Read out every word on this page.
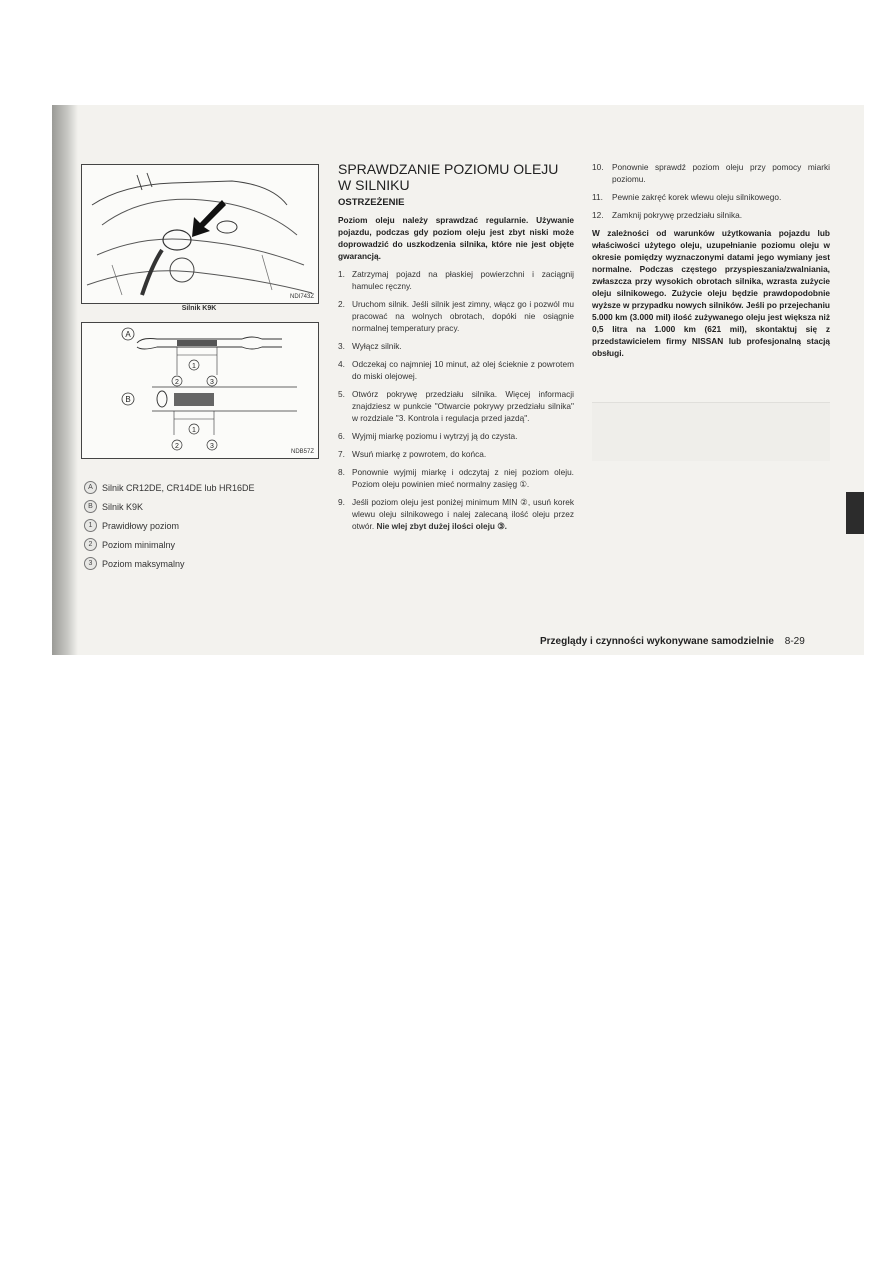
NDI743Z
Silnik K9K
A
1
2	3
B
1
2	3
NDB57Z
A	Silnik CR12DE, CR14DE lub HR16DE
B	Silnik K9K
1	Prawidłowy poziom
2	Poziom minimalny
3	Poziom maksymalny
SPRAWDZANIE POZIOMU OLEJU W SILNIKU
OSTRZEŻENIE

Poziom oleju należy sprawdzać regularnie. Używanie pojazdu, podczas gdy poziom oleju jest zbyt niski może doprowadzić do uszkodzenia silnika, które nie jest objęte gwarancją.

1. Zatrzymaj pojazd na płaskiej powierzchni i zaciągnij hamulec ręczny.
2. Uruchom silnik. Jeśli silnik jest zimny, włącz go i pozwól mu pracować na wolnych obrotach, dopóki nie osiągnie normalnej temperatury pracy.
3. Wyłącz silnik.
4. Odczekaj co najmniej 10 minut, aż olej ścieknie z powrotem do miski olejowej.
5. Otwórz pokrywę przedziału silnika. Więcej informacji znajdziesz w punkcie "Otwarcie pokrywy przedziału silnika" w rozdziale "3. Kontrola i regulacja przed jazdą".
6. Wyjmij miarkę poziomu i wytrzyj ją do czysta.
7. Wsuń miarkę z powrotem, do końca.
8. Ponownie wyjmij miarkę i odczytaj z niej poziom oleju. Poziom oleju powinien mieć normalny zasięg ①.
9. Jeśli poziom oleju jest poniżej minimum MIN ②, usuń korek wlewu oleju silnikowego i nalej zalecaną ilość oleju przez otwór. Nie wlej zbyt dużej ilości oleju ③.
10.	Ponownie sprawdź poziom oleju przy pomocy miarki poziomu.
11.	Pewnie zakręć korek wlewu oleju silnikowego.
12.	Zamknij pokrywę przedziału silnika.

W zależności od warunków użytkowania pojazdu lub właściwości użytego oleju, uzupełnianie poziomu oleju w okresie pomiędzy wyznaczonymi datami jego wymiany jest normalne. Podczas częstego przyspieszania/zwalniania, zwłaszcza przy wysokich obrotach silnika, wzrasta zużycie oleju silnikowego. Zużycie oleju będzie prawdopodobnie wyższe w przypadku nowych silników. Jeśli po przejechaniu 5.000 km (3.000 mil) ilość zużywanego oleju jest większa niż 0,5 litra na 1.000 km (621 mil), skontaktuj się z przedstawicielem firmy NISSAN lub profesjonalną stacją obsługi.

Przeglądy i czynności wykonywane samodzielnie 8-29
